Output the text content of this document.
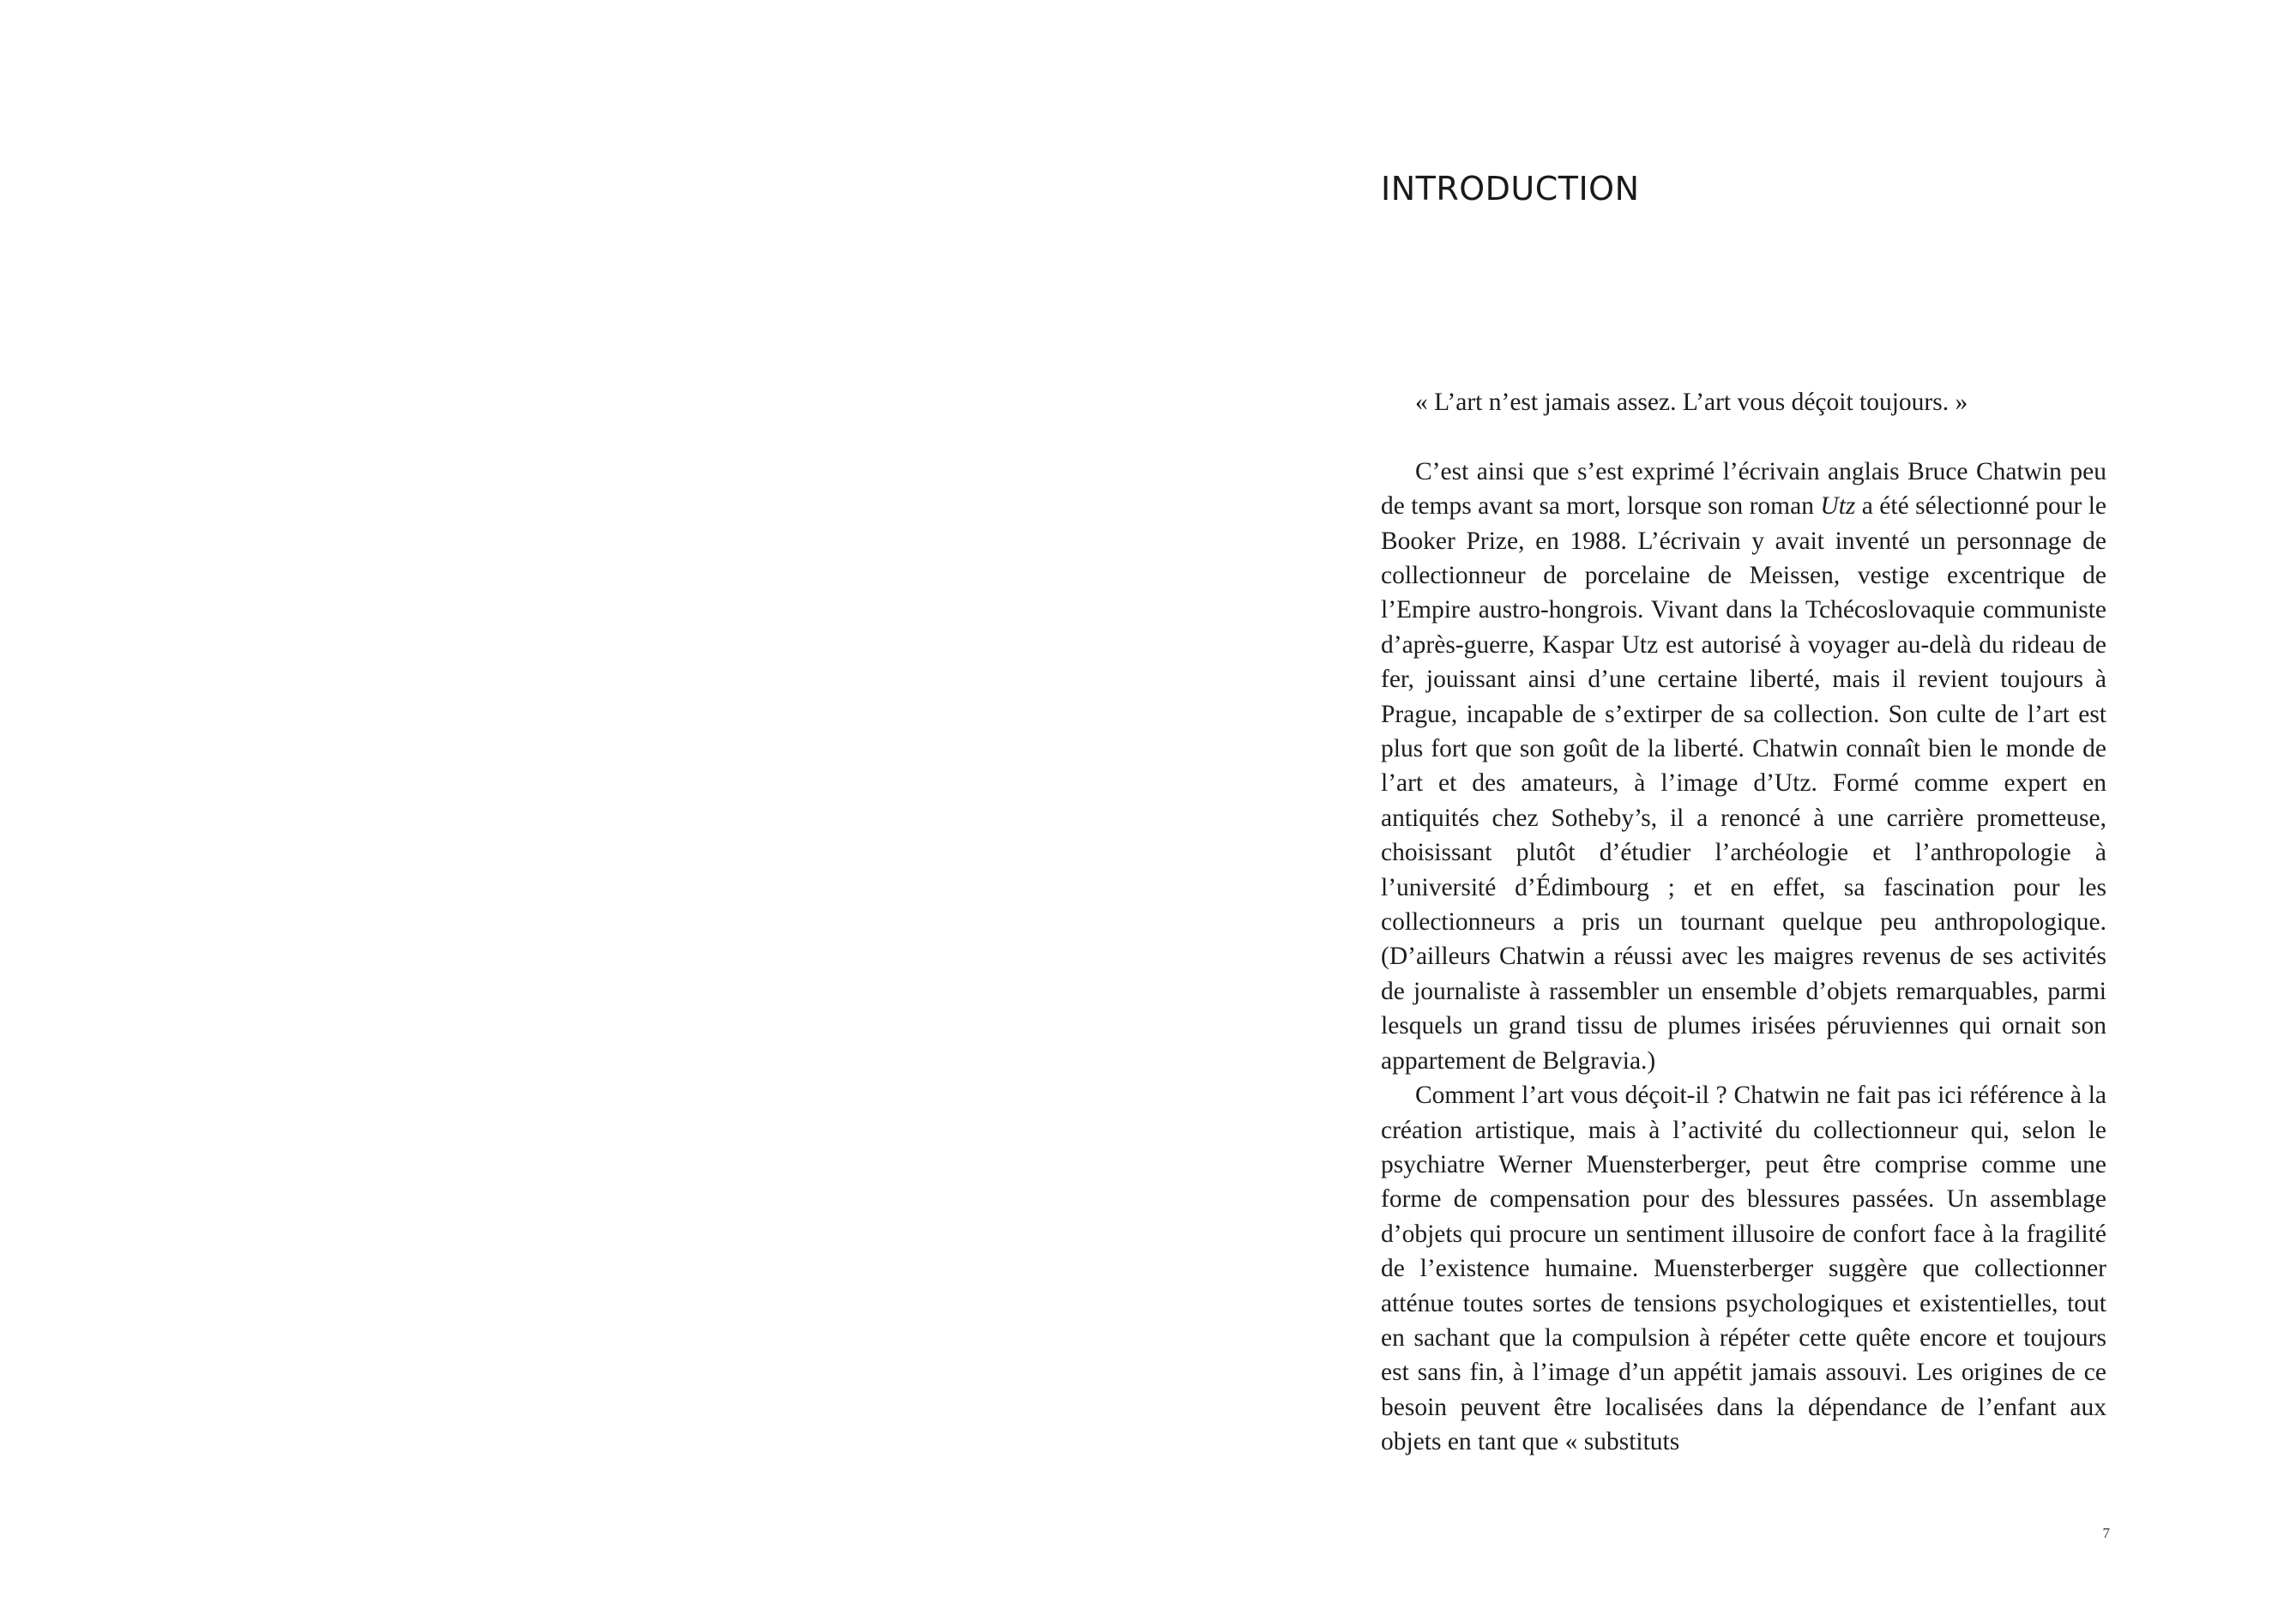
INTRODUCTION

« L’art n’est jamais assez. L’art vous déçoit toujours. »

C’est ainsi que s’est exprimé l’écrivain anglais Bruce Chatwin peu de temps avant sa mort, lorsque son roman Utz a été sélectionné pour le Booker Prize, en 1988. L’écrivain y avait inventé un personnage de collectionneur de porcelaine de Meissen, vestige excentrique de l’Empire austro-hongrois. Vivant dans la Tchécoslovaquie communiste d’après-guerre, Kaspar Utz est autorisé à voyager au-delà du rideau de fer, jouissant ainsi d’une certaine liberté, mais il revient toujours à Prague, incapable de s’extirper de sa collection. Son culte de l’art est plus fort que son goût de la liberté. Chatwin connaît bien le monde de l’art et des amateurs, à l’image d’Utz. Formé comme expert en antiquités chez Sotheby’s, il a renoncé à une carrière prometteuse, choisissant plutôt d’étudier l’archéologie et l’anthropologie à l’université d’Édimbourg ; et en effet, sa fascination pour les collectionneurs a pris un tournant quelque peu anthropologique. (D’ailleurs Chatwin a réussi avec les maigres revenus de ses activités de journaliste à rassembler un ensemble d’objets remarquables, parmi lesquels un grand tissu de plumes irisées péruviennes qui ornait son appartement de Belgravia.)

Comment l’art vous déçoit-il ? Chatwin ne fait pas ici référence à la création artistique, mais à l’activité du collectionneur qui, selon le psychiatre Werner Muensterberger, peut être comprise comme une forme de compensation pour des blessures passées. Un assemblage d’objets qui procure un sentiment illusoire de confort face à la fragilité de l’existence humaine. Muensterberger suggère que collectionner atténue toutes sortes de tensions psychologiques et existentielles, tout en sachant que la compulsion à répéter cette quête encore et toujours est sans fin, à l’image d’un appétit jamais assouvi. Les origines de ce besoin peuvent être localisées dans la dépendance de l’enfant aux objets en tant que « substituts

7
